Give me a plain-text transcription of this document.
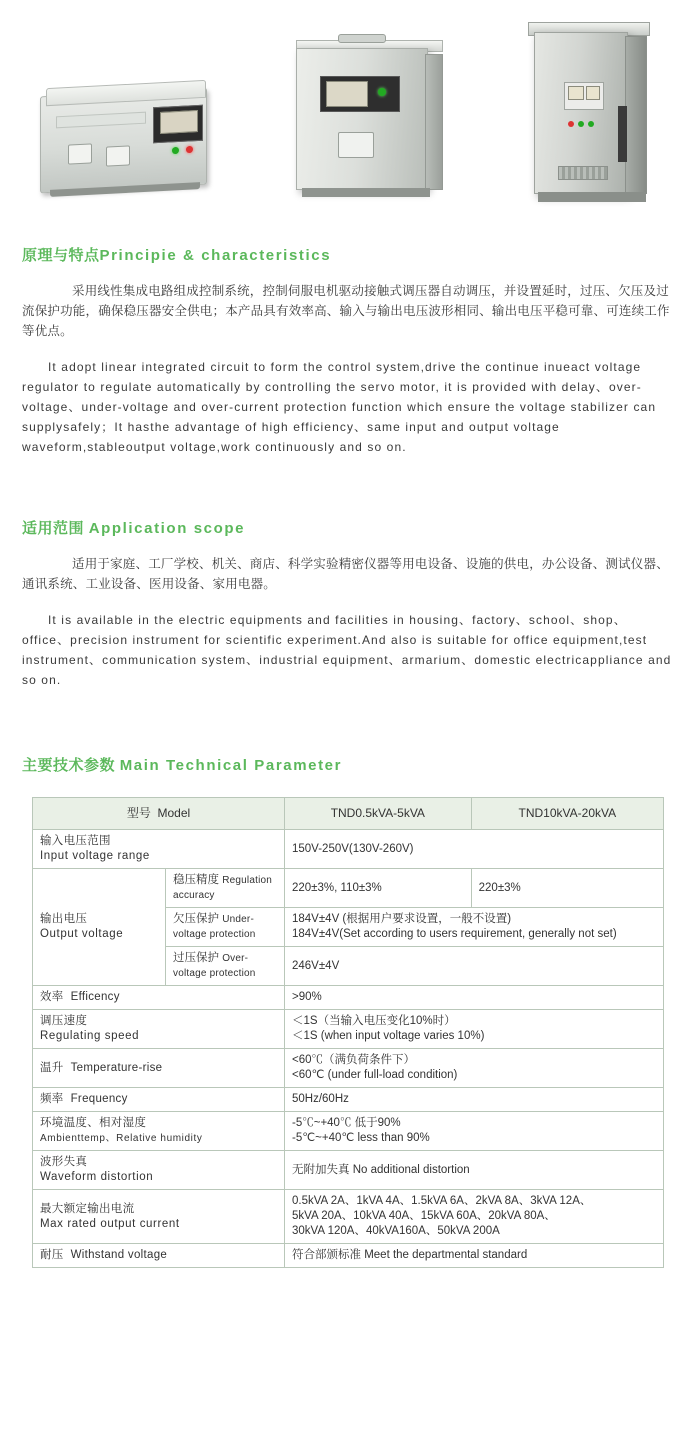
原理与特点Principie & characteristics

采用线性集成电路组成控制系统，控制伺服电机驱动接触式调压器自动调压，并设置延时，过压、欠压及过流保护功能，确保稳压器安全供电；本产品具有效率高、输入与输出电压波形相同、输出电压平稳可靠、可连续工作等优点。

It adopt linear integrated circuit to form the control system,drive the continue inueact voltage regulator to regulate automatically by controlling the servo motor, it is provided with delay、over-voltage、under-voltage and over-current protection function which ensure the voltage stabilizer can supplysafely；It hasthe advantage of high efficiency、same input and output voltage waveform,stableoutput voltage,work continuously and so on.

适用范围 Application scope

适用于家庭、工厂学校、机关、商店、科学实验精密仪器等用电设备、设施的供电，办公设备、测试仪器、通讯系统、工业设备、医用设备、家用电器。

It is available in the electric equipments and facilities in housing、factory、school、shop、office、precision instrument for scientific experiment.And also is suitable for office equipment,test instrument、communication system、industrial equipment、armarium、domestic electricappliance and so on.

主要技术参数 Main Technical Parameter
型号 Model		TND0.5kVA-5kVA	TND10kVA-20kVA

输入电压范围
Input voltage range		150V-250V(130V-260V)	

输出电压
Output voltage	稳压精度 Regulation accuracy	220±3%, 110±3%	220±3%
	欠压保护 Under-voltage protection	184V±4V (根据用户要求设置，一般不设置)
184V±4V(Set according to users requirement, generally not set)	
	过压保护 Over-voltage protection	246V±4V	
效率 Efficency		>90%	

调压速度
Regulating speed		＜1S（当输入电压变化10%时）
＜1S (when input voltage varies 10%)	
温升 Temperature-rise		<60℃（满负荷条件下）
<60℃ (under full-load condition)	
频率 Frequency		50Hz/60Hz	

环境温度、相对湿度
Ambienttemp、Relative humidity		-5℃~+40℃ 低于90%
-5℃~+40℃ less than 90%	

波形失真
Waveform distortion		无附加失真 No additional distortion	

最大额定输出电流
Max rated output current		0.5kVA 2A、1kVA 4A、1.5kVA 6A、2kVA 8A、3kVA 12A、
5kVA 20A、10kVA 40A、15kVA 60A、20kVA 80A、
30kVA 120A、40kVA160A、50kVA 200A	
耐压 Withstand voltage		符合部颁标准 Meet the departmental standard	
